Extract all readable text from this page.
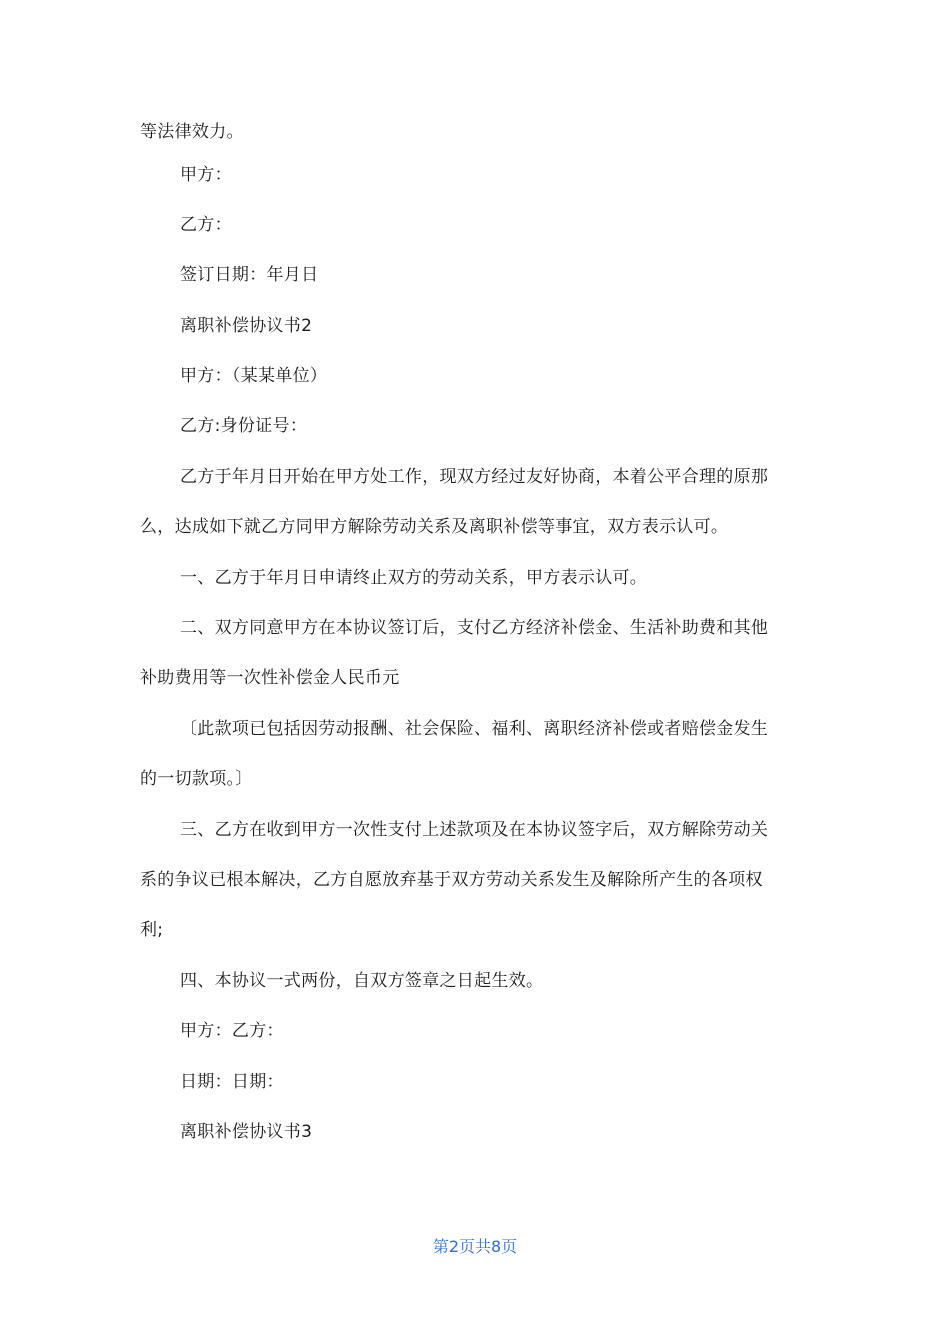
等法律效力。
甲方：
乙方：
签订日期：年月日
离职补偿协议书2
甲方：（某某单位）
乙方:身份证号：
乙方于年月日开始在甲方处工作，现双方经过友好协商，本着公平合理的原那
么，达成如下就乙方同甲方解除劳动关系及离职补偿等事宜，双方表示认可。
一、乙方于年月日申请终止双方的劳动关系，甲方表示认可。
二、双方同意甲方在本协议签订后，支付乙方经济补偿金、生活补助费和其他
补助费用等一次性补偿金人民币元
〔此款项已包括因劳动报酬、社会保险、福利、离职经济补偿或者赔偿金发生
的一切款项。〕
三、乙方在收到甲方一次性支付上述款项及在本协议签字后，双方解除劳动关
系的争议已根本解决，乙方自愿放弃基于双方劳动关系发生及解除所产生的各项权
利;
四、本协议一式两份，自双方签章之日起生效。
甲方：乙方：
日期：日期：
离职补偿协议书3
第2页共8页
